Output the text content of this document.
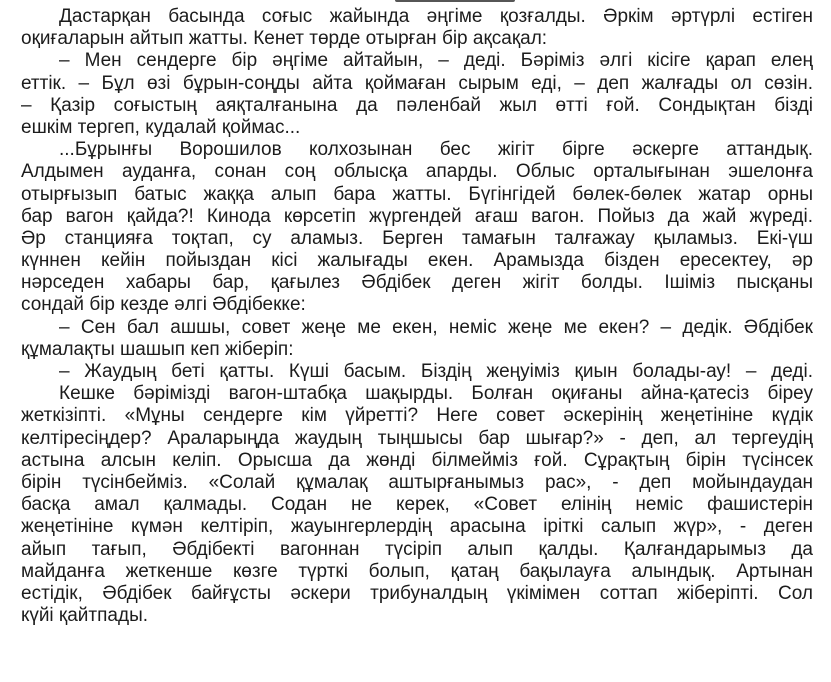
Дастарқан басында соғыс жайында әңгіме қозғалды. Әркім әртүрлі естіген
оқиғаларын айтып жатты. Кенет төрде отырған бір ақсақал:
– Мен сендерге бір әңгіме айтайын, – деді. Бәріміз әлгі кісіге қарап елең
еттік. – Бұл өзі бұрын-соңды айта қоймаған сырым еді, – деп жалғады ол сөзін.
– Қазір соғыстың аяқталғанына да пәленбай жыл өтті ғой. Сондықтан бізді
ешкім тергеп, кудалай қоймас...
...Бұрынғы Ворошилов колхозынан бес жігіт бірге әскерге аттандық.
Алдымен ауданға, сонан соң облысқа апарды. Облыс орталығынан эшелонға
отырғызып батыс жаққа алып бара жатты. Бүгінгідей бөлек-бөлек жатар орны
бар вагон қайда?! Кинода көрсетіп жүргендей ағаш вагон. Пойыз да жай жүреді.
Әр станцияға тоқтап, су аламыз. Берген тамағын талғажау қыламыз. Екі-үш
күннен кейін пойыздан кісі жалығады екен. Арамызда бізден ересектеу, әр
нәрседен хабары бар, қағылез Әбдібек деген жігіт болды. Ішіміз пысқаны
сондай бір кезде әлгі Әбдібекке:
– Сен бал ашшы, совет жеңе ме екен, неміс жеңе ме екен? – дедік. Әбдібек
құмалақты шашып кеп жіберіп:
– Жаудың беті қатты. Күші басым. Біздің жеңуіміз қиын болады-ау! – деді.
Кешке бәрімізді вагон-штабқа шақырды. Болған оқиғаны айна-қатесіз біреу
жеткізіпті. «Мұны сендерге кім үйретті? Неге совет әскерінің жеңетініне күдік
келтіресіңдер? Араларыңда жаудың тыңшысы бар шығар?» - деп, ал тергеудің
астына алсын келіп. Орысша да жөнді білмейміз ғой. Сұрақтың бірін түсінсек
бірін түсінбейміз. «Солай құмалақ аштырғанымыз рас», - деп мойындаудан
басқа амал қалмады. Содан не керек, «Совет елінің неміс фашистерін
жеңетініне күмән келтіріп, жауынгерлердің арасына іріткі салып жүр», - деген
айып тағып, Әбдібекті вагоннан түсіріп алып қалды. Қалғандарымыз да
майданға жеткенше көзге түрткі болып, қатаң бақылауға алындық. Артынан
естідік, Әбдібек байғұсты әскери трибуналдың үкімімен соттап жіберіпті. Сол
күйі қайтпады.
